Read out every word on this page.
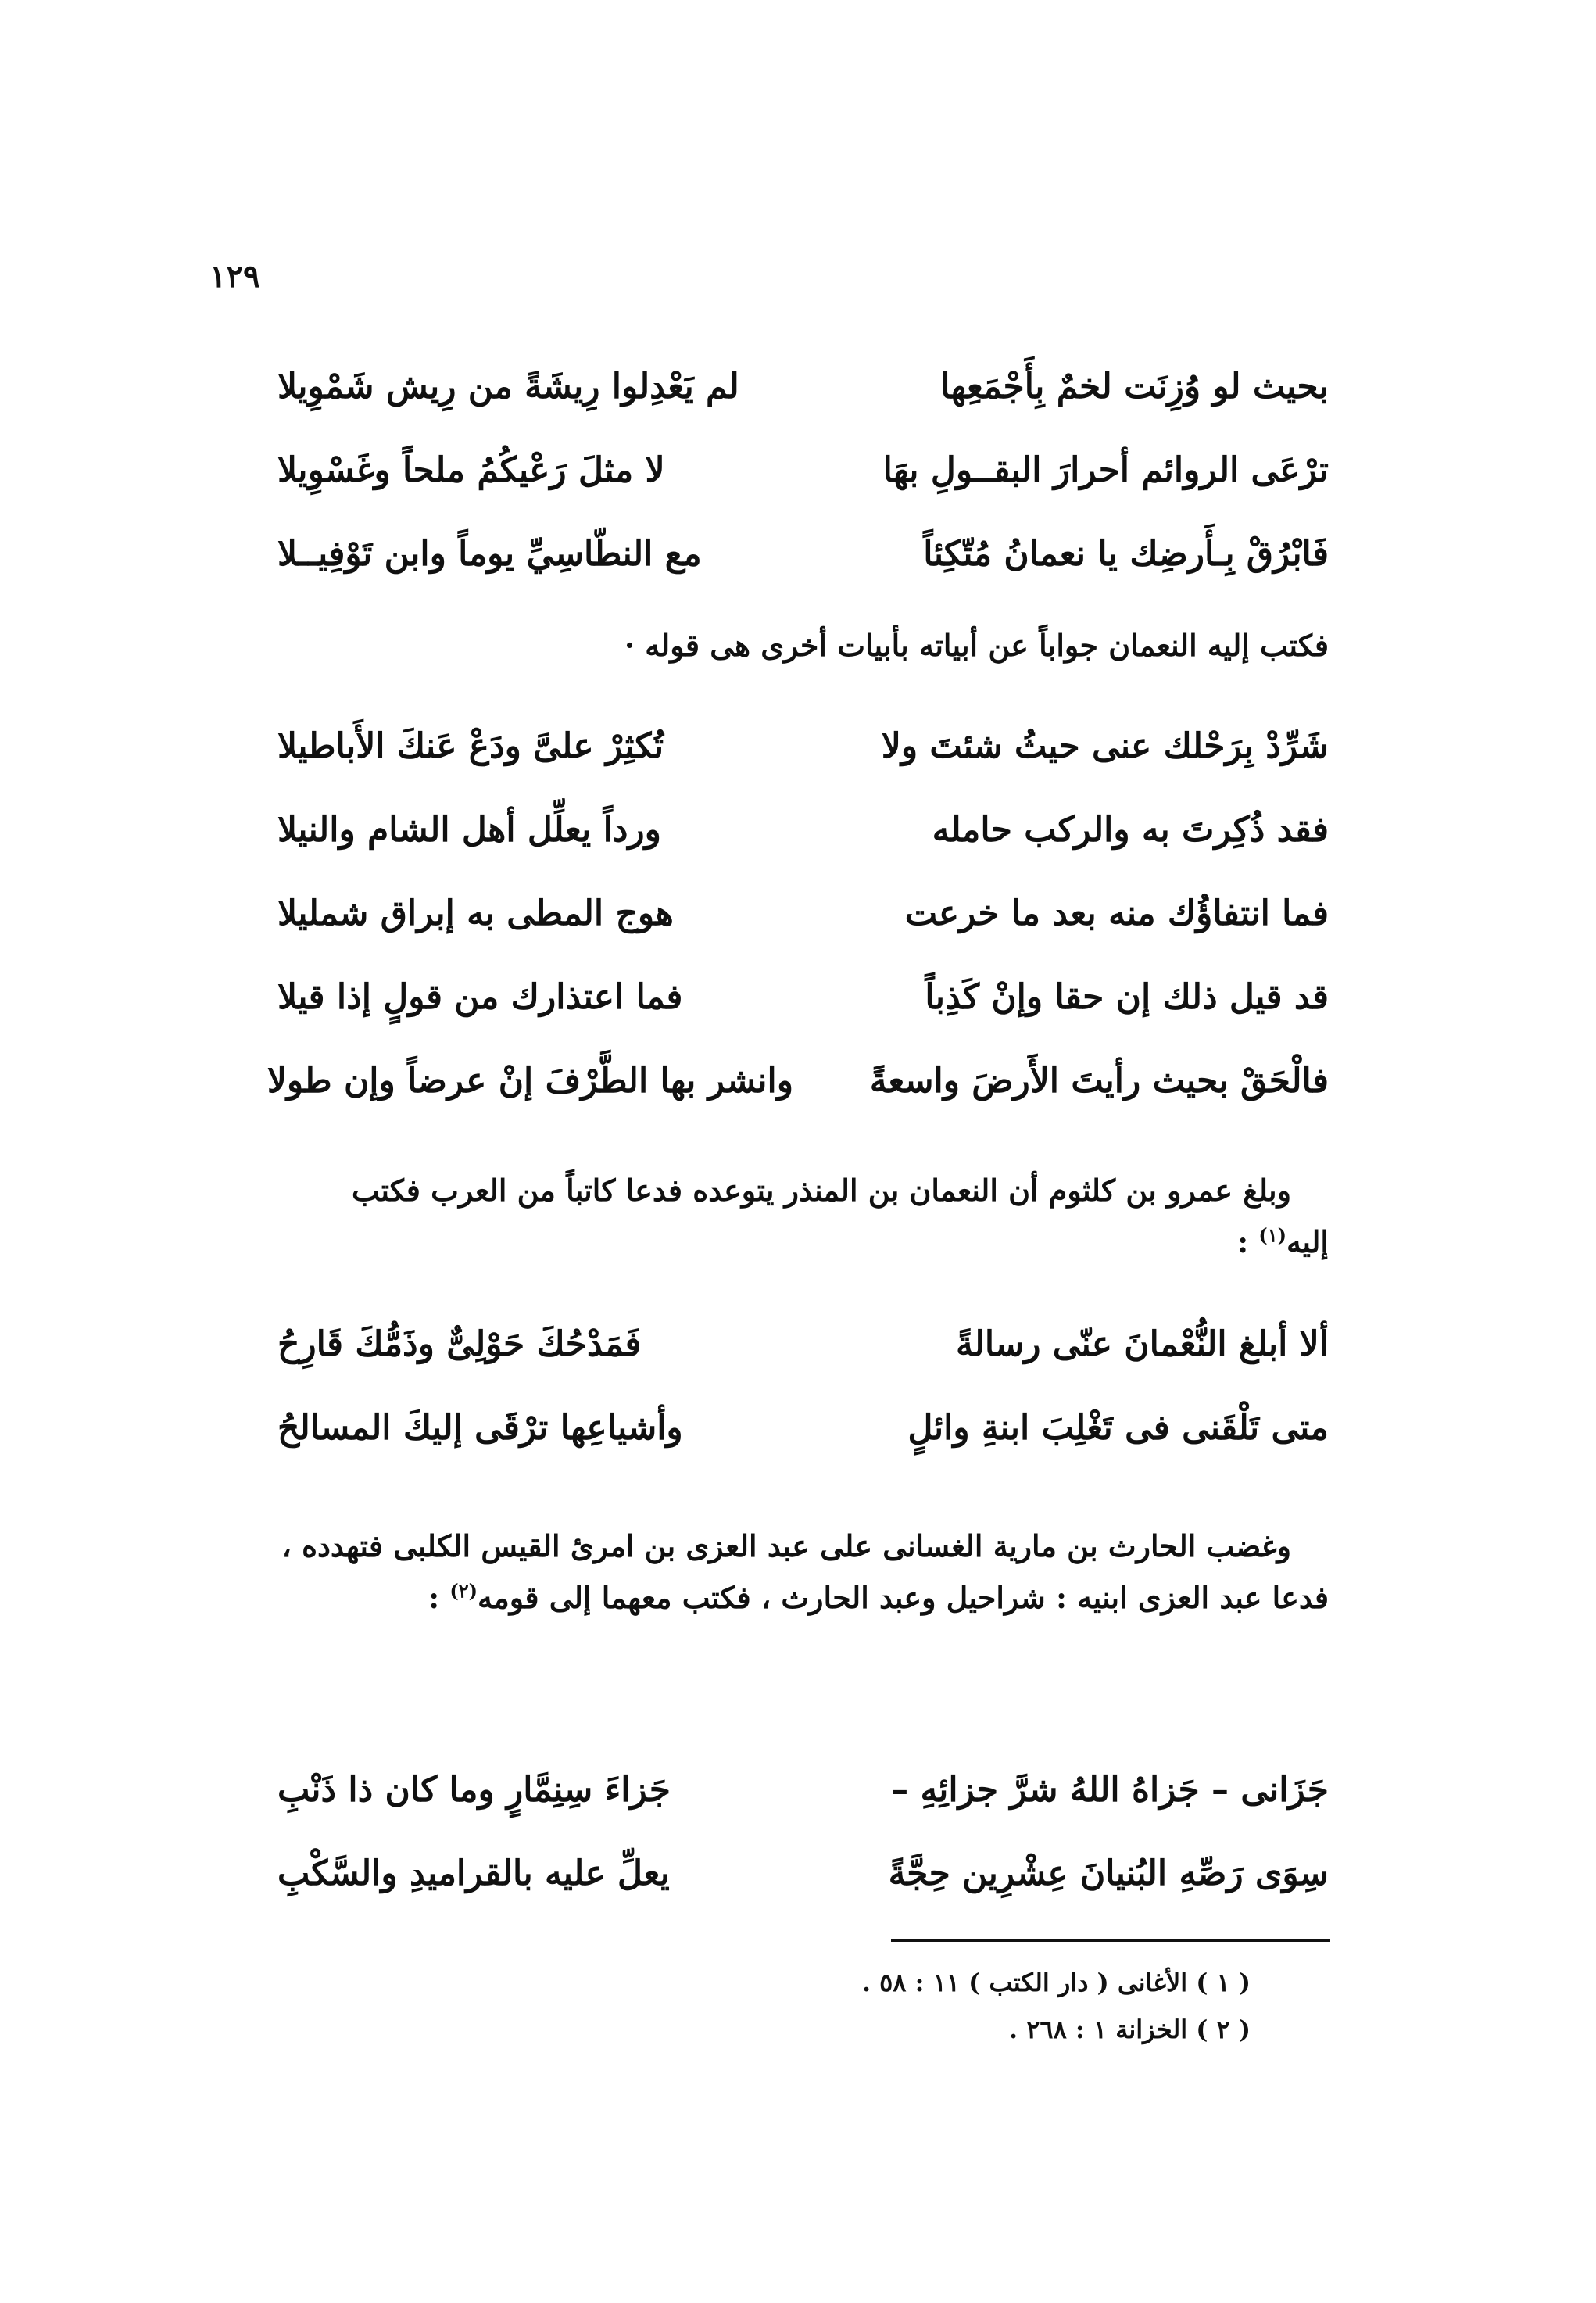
١٢٩
بحيث لو وُزِنَت لخمٌ بِأَجْمَعِها
لم يَعْدِلوا رِيشَةً من رِيش شَمْوِيلا
ترْعَى الروائم أحرارَ البقــولِ بهَا
لا مثلَ رَعْيكُمُ ملحاً وغَسْوِيلا
فَابْرُقْ بِـأَرضِك يا نعمانُ مُتّكِئاً
مع النطّاسِيِّ يوماً وابن تَوْفِيــلا

فكتب إليه النعمان جواباً عن أبياته بأبيات أخرى هى قوله ·

شَرِّدْ بِرَحْلك عنى حيثُ شئتَ ولا
تُكثِرْ علىَّ ودَعْ عَنكَ الأَباطيلا
فقد ذُكِرتَ به والركب حامله
ورداً يعلِّل أهل الشام والنيلا
فما انتفاؤُك منه بعد ما خرعت
هوج المطى به إبراق شمليلا
قد قيل ذلك إن حقا وإنْ كَذِباً
فما اعتذارك من قولٍ إذا قيلا
فالْحَقْ بحيث رأيتَ الأَرضَ واسعةً
وانشر بها الطَّرْفَ إنْ عرضاً وإن طولا

وبلغ عمرو بن كلثوم أن النعمان بن المنذر يتوعده فدعا كاتباً من العرب فكتب إليه$^{(١)}$ :

ألا أبلغ النُّعْمانَ عنّى رسالةً
فَمَدْحُكَ حَوْلِىٌّ وذَمُّكَ قَارِحُ
متى تَلْقَنى فى تَغْلِبَ ابنةِ وائلٍ
وأشياعِها ترْقَى إليكَ المسالحُ

وغضب الحارث بن مارية الغسانى على عبد العزى بن امرئ القيس الكلبى فتهدده ، فدعا عبد العزى ابنيه : شراحيل وعبد الحارث ، فكتب معهما إلى قومه$^{(٢)}$ :

جَزَانى – جَزاهُ اللهُ شرَّ جزائِهِ –
جَزاءَ سِنِمَّارٍ وما كان ذا ذَنْبِ
سِوَى رَصِّهِ البُنيانَ عِشْرِين حِجَّةً
يعلِّ عليه بالقراميدِ والسَّكْبِ
( ١ ) الأغانى ( دار الكتب ) ١١ : ٥٨ .
( ٢ ) الخزانة ١ : ٢٦٨ .
